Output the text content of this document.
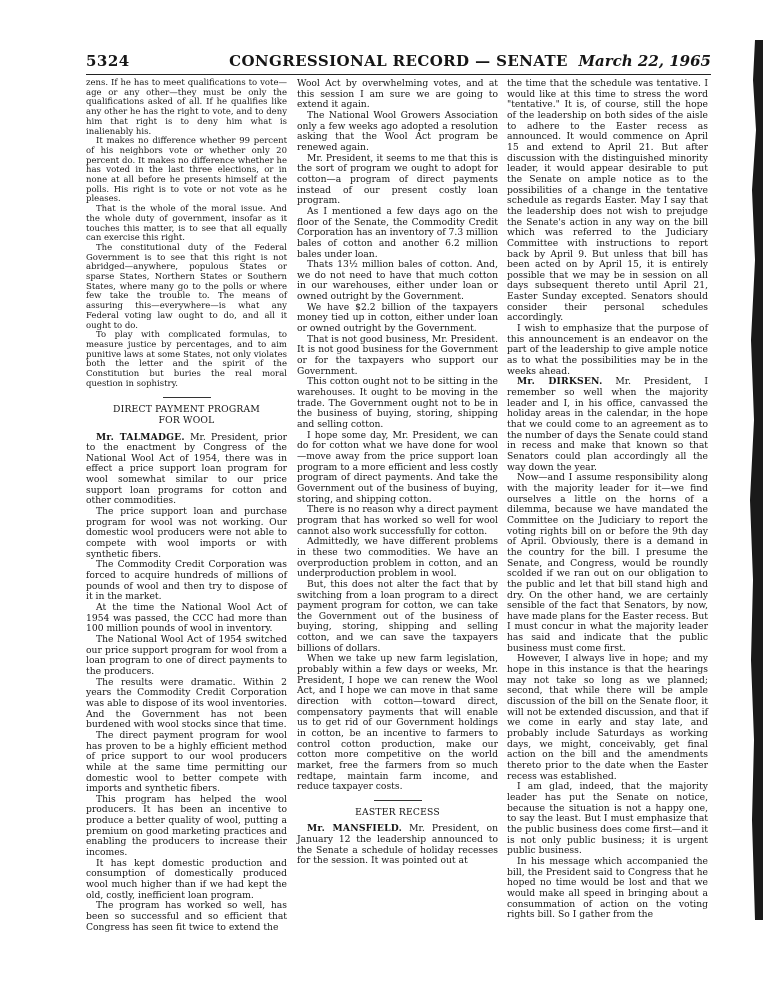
5324	CONGRESSIONAL RECORD — SENATE March 22, 1965

zens. If he has to meet qualifications to vote—age or any other—they must be only the qualifications asked of all. If he qualifies like any other he has the right to vote, and to deny him that right is to deny him what is inalienably his.

It makes no difference whether 99 percent of his neighbors vote or whether only 20 percent do. It makes no difference whether he has voted in the last three elections, or in none at all before he presents himself at the polls. His right is to vote or not vote as he pleases.

That is the whole of the moral issue. And the whole duty of government, insofar as it touches this matter, is to see that all equally can exercise this right.

The constitutional duty of the Federal Government is to see that this right is not abridged—anywhere, populous States or sparse States, Northern States or Southern States, where many go to the polls or where few take the trouble to. The means of assuring this—everywhere—is what any Federal voting law ought to do, and all it ought to do.

To play with complicated formulas, to measure justice by percentages, and to aim punitive laws at some States, not only violates both the letter and the spirit of the Constitution but buries the real moral question in sophistry.

DIRECT PAYMENT PROGRAM
FOR WOOL

Mr. TALMADGE. Mr. President, prior to the enactment by Congress of the National Wool Act of 1954, there was in effect a price support loan program for wool somewhat similar to our price support loan programs for cotton and other commodities.

The price support loan and purchase program for wool was not working. Our domestic wool producers were not able to compete with wool imports or with synthetic fibers.

The Commodity Credit Corporation was forced to acquire hundreds of millions of pounds of wool and then try to dispose of it in the market.

At the time the National Wool Act of 1954 was passed, the CCC had more than 100 million pounds of wool in inventory.

The National Wool Act of 1954 switched our price support program for wool from a loan program to one of direct payments to the producers.

The results were dramatic. Within 2 years the Commodity Credit Corporation was able to dispose of its wool inventories. And the Government has not been burdened with wool stocks since that time.

The direct payment program for wool has proven to be a highly efficient method of price support to our wool producers while at the same time permitting our domestic wool to better compete with imports and synthetic fibers.

This program has helped the wool producers. It has been an incentive to produce a better quality of wool, putting a premium on good marketing practices and enabling the producers to increase their incomes.

It has kept domestic production and consumption of domestically produced wool much higher than if we had kept the old, costly, inefficient loan program.

The program has worked so well, has been so successful and so efficient that Congress has seen fit twice to extend the

Wool Act by overwhelming votes, and at this session I am sure we are going to extend it again.

The National Wool Growers Association only a few weeks ago adopted a resolution asking that the Wool Act program be renewed again.

Mr. President, it seems to me that this is the sort of program we ought to adopt for cotton—a program of direct payments instead of our present costly loan program.

As I mentioned a few days ago on the floor of the Senate, the Commodity Credit Corporation has an inventory of 7.3 million bales of cotton and another 6.2 million bales under loan.

Thats 13½ million bales of cotton. And, we do not need to have that much cotton in our warehouses, either under loan or owned outright by the Government.

We have $2.2 billion of the taxpayers money tied up in cotton, either under loan or owned outright by the Government.

That is not good business, Mr. President. It is not good business for the Government or for the taxpayers who support our Government.

This cotton ought not to be sitting in the warehouses. It ought to be moving in the trade. The Government ought not to be in the business of buying, storing, shipping and selling cotton.

I hope some day, Mr. President, we can do for cotton what we have done for wool—move away from the price support loan program to a more efficient and less costly program of direct payments. And take the Government out of the business of buying, storing, and shipping cotton.

There is no reason why a direct payment program that has worked so well for wool cannot also work successfully for cotton.

Admittedly, we have different problems in these two commodities. We have an overproduction problem in cotton, and an underproduction problem in wool.

But, this does not alter the fact that by switching from a loan program to a direct payment program for cotton, we can take the Government out of the business of buying, storing, shipping and selling cotton, and we can save the taxpayers billions of dollars.

When we take up new farm legislation, probably within a few days or weeks, Mr. President, I hope we can renew the Wool Act, and I hope we can move in that same direction with cotton—toward direct, compensatory payments that will enable us to get rid of our Government holdings in cotton, be an incentive to farmers to control cotton production, make our cotton more competitive on the world market, free the farmers from so much redtape, maintain farm income, and reduce taxpayer costs.

EASTER RECESS

Mr. MANSFIELD. Mr. President, on January 12 the leadership announced to the Senate a schedule of holiday recesses for the session. It was pointed out at

the time that the schedule was tentative. I would like at this time to stress the word "tentative." It is, of course, still the hope of the leadership on both sides of the aisle to adhere to the Easter recess as announced. It would commence on April 15 and extend to April 21. But after discussion with the distinguished minority leader, it would appear desirable to put the Senate on ample notice as to the possibilities of a change in the tentative schedule as regards Easter. May I say that the leadership does not wish to prejudge the Senate's action in any way on the bill which was referred to the Judiciary Committee with instructions to report back by April 9. But unless that bill has been acted on by April 15, it is entirely possible that we may be in session on all days subsequent thereto until April 21, Easter Sunday excepted. Senators should consider their personal schedules accordingly.

I wish to emphasize that the purpose of this announcement is an endeavor on the part of the leadership to give ample notice as to what the possibilities may be in the weeks ahead.

Mr. DIRKSEN. Mr. President, I remember so well when the majority leader and I, in his office, canvassed the holiday areas in the calendar, in the hope that we could come to an agreement as to the number of days the Senate could stand in recess and make that known so that Senators could plan accordingly all the way down the year.

Now—and I assume responsibility along with the majority leader for it—we find ourselves a little on the horns of a dilemma, because we have mandated the Committee on the Judiciary to report the voting rights bill on or before the 9th day of April. Obviously, there is a demand in the country for the bill. I presume the Senate, and Congress, would be roundly scolded if we ran out on our obligation to the public and let that bill stand high and dry. On the other hand, we are certainly sensible of the fact that Senators, by now, have made plans for the Easter recess. But I must concur in what the majority leader has said and indicate that the public business must come first.

However, I always live in hope; and my hope in this instance is that the hearings may not take so long as we planned; second, that while there will be ample discussion of the bill on the Senate floor, it will not be extended discussion, and that if we come in early and stay late, and probably include Saturdays as working days, we might, conceivably, get final action on the bill and the amendments thereto prior to the date when the Easter recess was established.

I am glad, indeed, that the majority leader has put the Senate on notice, because the situation is not a happy one, to say the least. But I must emphasize that the public business does come first—and it is not only public business; it is urgent public business.

In his message which accompanied the bill, the President said to Congress that he hoped no time would be lost and that we would make all speed in bringing about a consummation of action on the voting rights bill. So I gather from the
